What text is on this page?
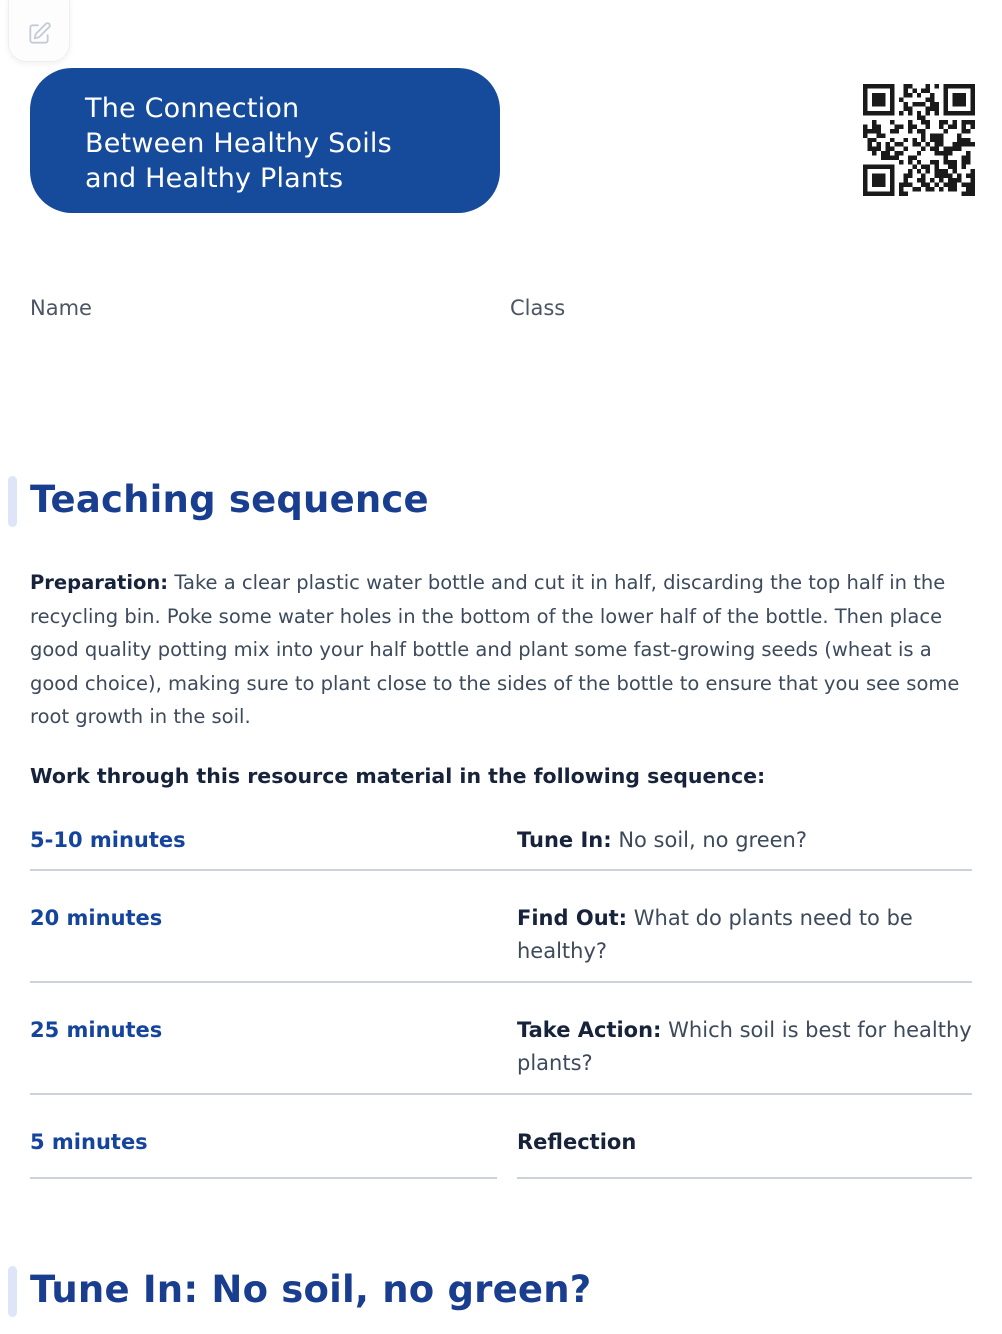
The Connection
Between Healthy Soils
and Healthy Plants
Name	Class
Teaching sequence

Preparation: Take a clear plastic water bottle and cut it in half, discarding the top half in the recycling bin. Poke some water holes in the bottom of the lower half of the bottle. Then place good quality potting mix into your half bottle and plant some fast-growing seeds (wheat is a good choice), making sure to plant close to the sides of the bottle to ensure that you see some root growth in the soil.

Work through this resource material in the following sequence:
5-10 minutes	Tune In: No soil, no green?
20 minutes	Find Out: What do plants need to be healthy?
25 minutes	Take Action: Which soil is best for healthy plants?
5 minutes	Reflection
Tune In: No soil, no green?
